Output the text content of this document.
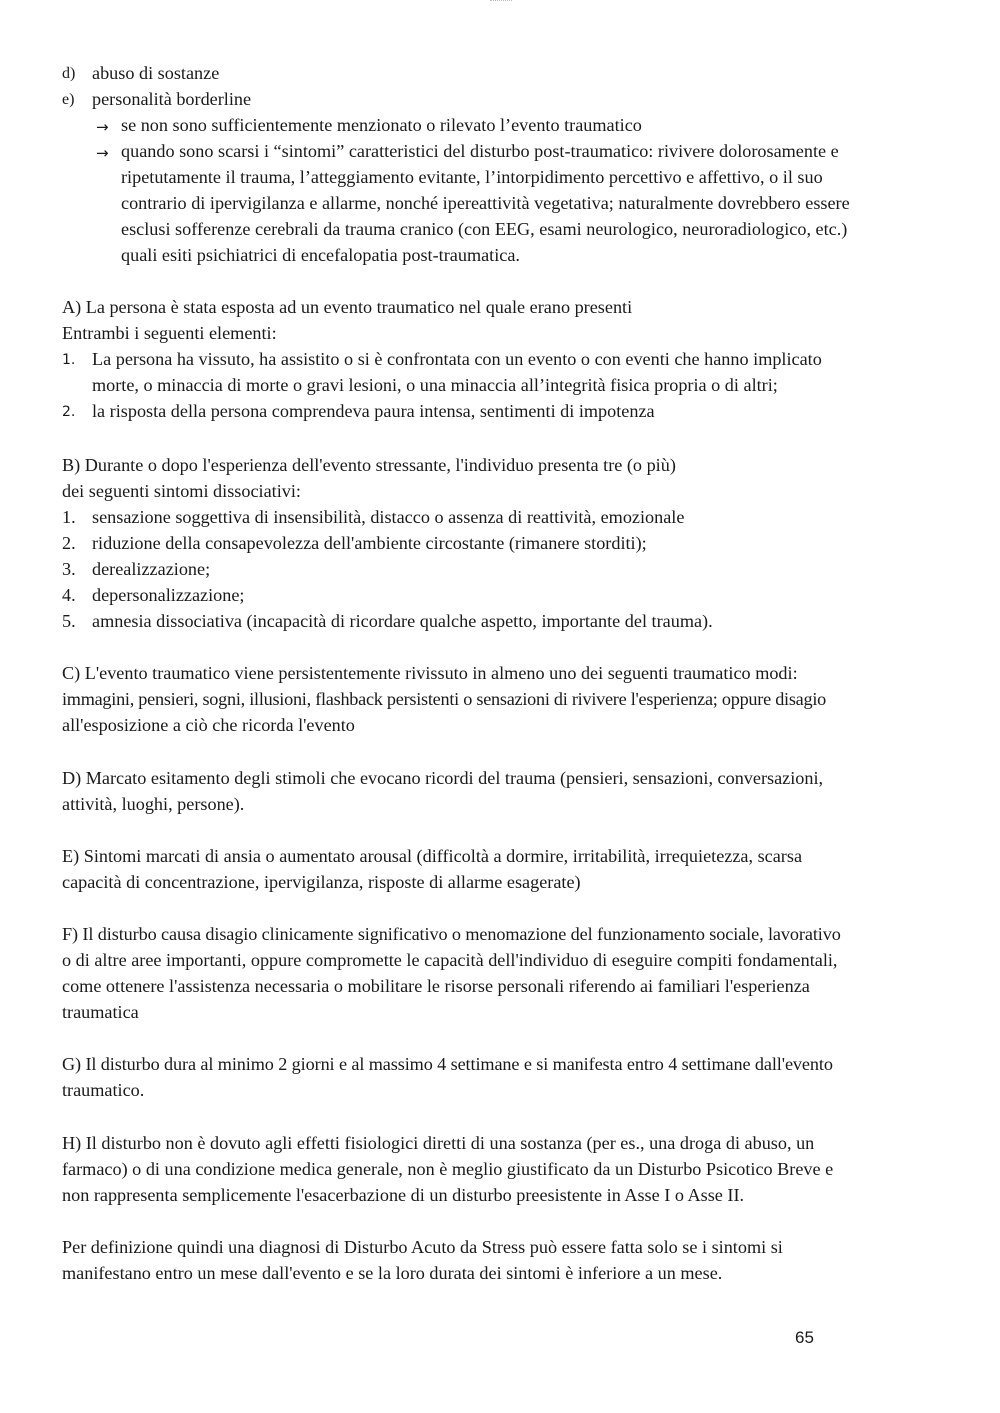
d) abuso di sostanze
e) personalità borderline
→ se non sono sufficientemente menzionato o rilevato l’evento traumatico
→ quando sono scarsi i “sintomi” caratteristici del disturbo post-traumatico: rivivere dolorosamente e
ripetutamente il trauma, l’atteggiamento evitante, l’intorpidimento percettivo e affettivo, o il suo
contrario di ipervigilanza e allarme, nonché ipereattività vegetativa; naturalmente dovrebbero essere
esclusi sofferenze cerebrali da trauma cranico (con EEG, esami neurologico, neuroradiologico, etc.)
quali esiti psichiatrici di encefalopatia post-traumatica.
A) La persona è stata esposta ad un evento traumatico nel quale erano presenti
Entrambi i seguenti elementi:
1. La persona ha vissuto, ha assistito o si è confrontata con un evento o con eventi che hanno implicato
morte, o minaccia di morte o gravi lesioni, o una minaccia all’integrità fisica propria o di altri;
2. la risposta della persona comprendeva paura intensa, sentimenti di impotenza
B) Durante o dopo l'esperienza dell'evento stressante, l'individuo presenta tre (o più)
dei seguenti sintomi dissociativi:
1. sensazione soggettiva di insensibilità, distacco o assenza di reattività, emozionale
2. riduzione della consapevolezza dell'ambiente circostante (rimanere storditi);
3. derealizzazione;
4. depersonalizzazione;
5. amnesia dissociativa (incapacità di ricordare qualche aspetto, importante del trauma).
C) L'evento traumatico viene persistentemente rivissuto in almeno uno dei seguenti traumatico modi:
immagini, pensieri, sogni, illusioni, flashback persistenti o sensazioni di rivivere l'esperienza; oppure disagio
all'esposizione a ciò che ricorda l'evento
D) Marcato esitamento degli stimoli che evocano ricordi del trauma (pensieri, sensazioni, conversazioni,
attività, luoghi, persone).
E) Sintomi marcati di ansia o aumentato arousal (difficoltà a dormire, irritabilità, irrequietezza, scarsa
capacità di concentrazione, ipervigilanza, risposte di allarme esagerate)
F) Il disturbo causa disagio clinicamente significativo o menomazione del funzionamento sociale, lavorativo
o di altre aree importanti, oppure compromette le capacità dell'individuo di eseguire compiti fondamentali,
come ottenere l'assistenza necessaria o mobilitare le risorse personali riferendo ai familiari l'esperienza
traumatica
G) Il disturbo dura al minimo 2 giorni e al massimo 4 settimane e si manifesta entro 4 settimane dall'evento
traumatico.
H) Il disturbo non è dovuto agli effetti fisiologici diretti di una sostanza (per es., una droga di abuso, un
farmaco) o di una condizione medica generale, non è meglio giustificato da un Disturbo Psicotico Breve e
non rappresenta semplicemente l'esacerbazione di un disturbo preesistente in Asse I o Asse II.
Per definizione quindi una diagnosi di Disturbo Acuto da Stress può essere fatta solo se i sintomi si
manifestano entro un mese dall'evento e se la loro durata dei sintomi è inferiore a un mese.
65
